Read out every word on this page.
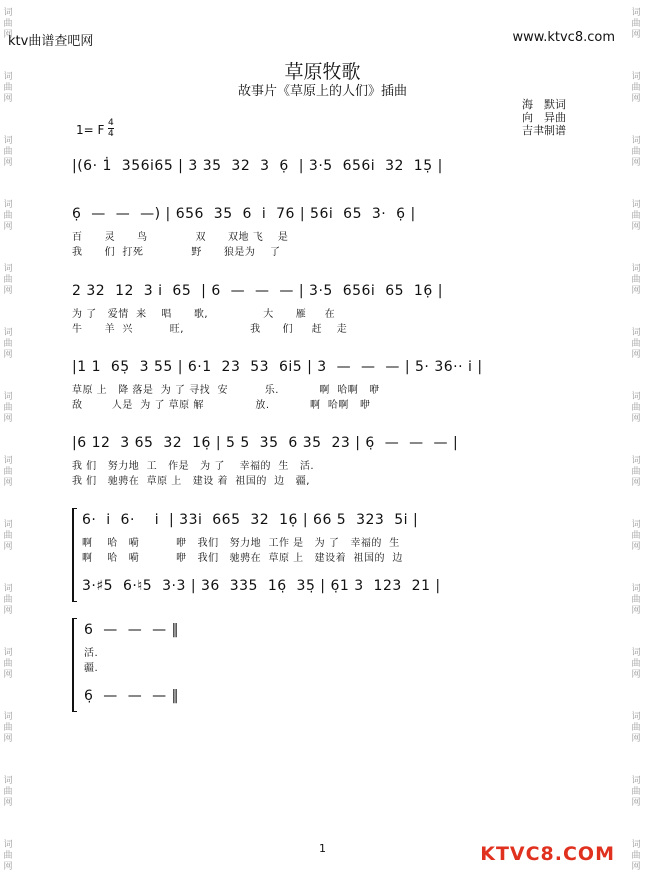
词
曲
网
词
曲
网
词
曲
网
词
曲
网
词
曲
网
词
曲
网
词
曲
网
词
曲
网
词
曲
网
词
曲
网
词
曲
网
词
曲
网
词
曲
网
词
曲
网
词
曲
网
词
曲
网
词
曲
网
词
曲
网
词
曲
网
词
曲
网
词
曲
网
词
曲
网
词
曲
网
词
曲
网
词
曲
网
词
曲
网
词
曲
网
词
曲
网
ktv曲谱查吧网	www.ktvc8.com
草原牧歌
故事片《草原上的人们》插曲
海　默词
向　异曲
吉聿制谱
1= F 4
4
|(6· 1̇  356i̇65 | 3 35  32  3  6̣  | 3·5  656i̇  32  15̣ |
6̣  —  —  —) | 656  35  6  i̇  76 | 56i̇  65  3·  6̣ |
百      灵      鸟             双      双地 飞    是
我      们  打死             野      狼是为    了
2 32  12  3 i̇  65  | 6  —  —  — | 3·5  656i̇  65  16̣ |
为 了   爱情  来    唱      歌,               大      雁     在
牛      羊  兴          旺,                  我      们     赶    走
|1 1  65̣  3 55 | 6·1  23  53  6i̇5 | 3  —  —  — | 5· 36·· i̇ |
草原 上   降 落是  为 了 寻找  安          乐.           啊  哈啊   咿
敌        人是  为 了 草原 解              放.           啊  哈啊   咿
|6 12  3 65  32  16̣ | 5 5  35  6 35  23 | 6̣  —  —  — |
我 们   努力地  工   作是   为 了    幸福的  生   活.
我 们   驰骋在  草原 上   建设 着  祖国的  边   疆,
6·  i̇  6·    i̇  | 33i̇  665  32  16̣ | 66 5  323  5i̇ |
啊    哈   嗬          咿   我们   努力地  工作 是   为 了   幸福的  生
啊    哈   嗬          咿   我们   驰骋在  草原 上   建设着  祖国的  边
3·♯5  6·♮5  3·3 | 36  335  16̣  35̣ | 6̣1 3  123  21 |
6  —  —  — ‖
活.
疆.
6̣  —  —  — ‖
1	KTVC8.COM
